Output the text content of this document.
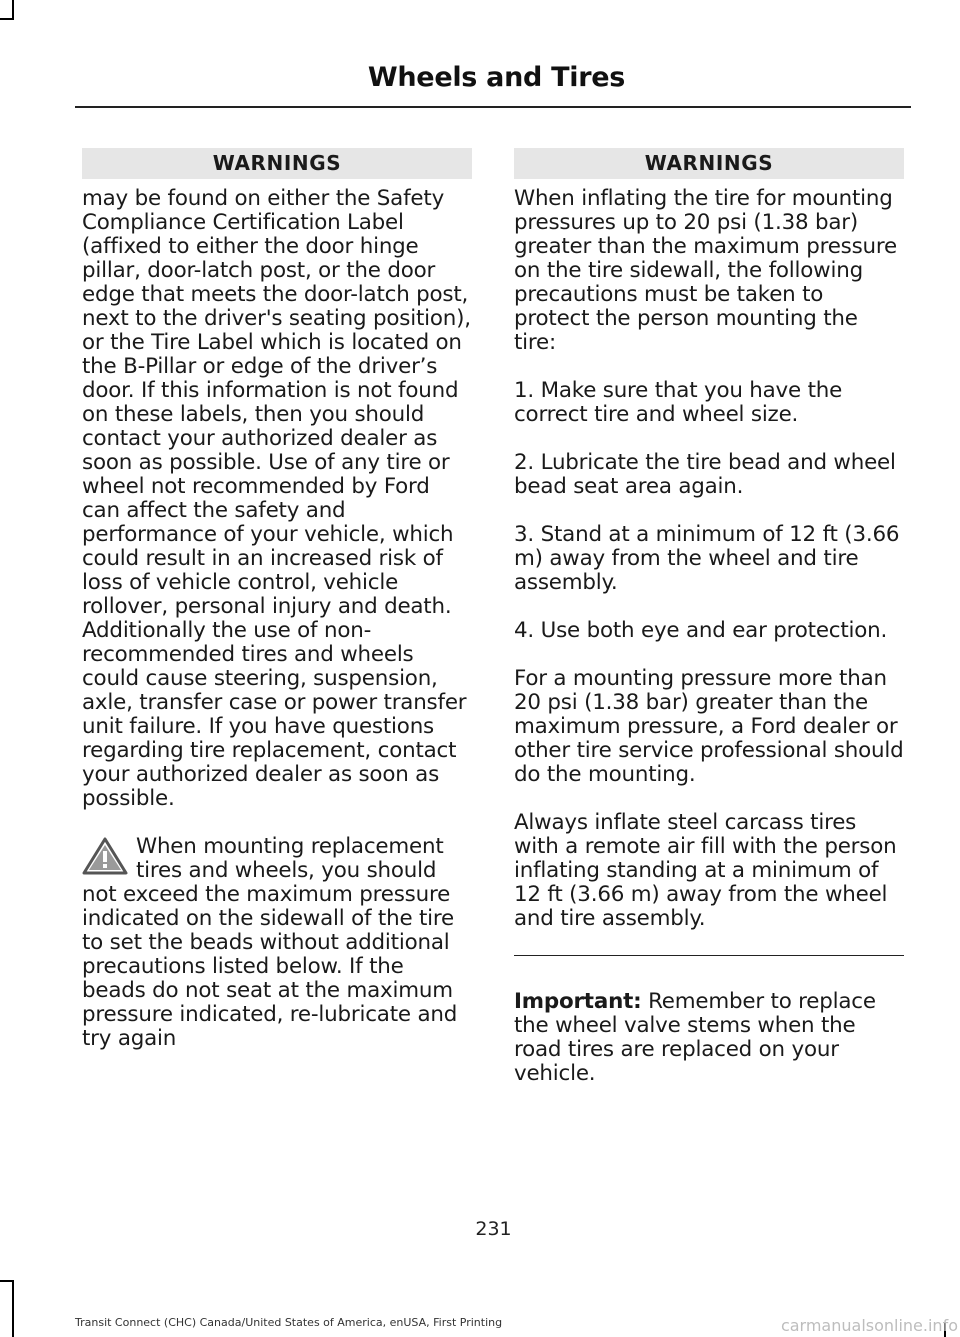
Wheels and Tires
WARNINGS

may be found on either the Safety Compliance Certification Label (affixed to either the door hinge pillar, door-latch post, or the door edge that meets the door-latch post, next to the driver's seating position), or the Tire Label which is located on the B-Pillar or edge of the driver’s door. If this information is not found on these labels, then you should contact your authorized dealer as soon as possible. Use of any tire or wheel not recommended by Ford can affect the safety and performance of your vehicle, which could result in an increased risk of loss of vehicle control, vehicle rollover, personal injury and death. Additionally the use of non-recommended tires and wheels could cause steering, suspension, axle, transfer case or power transfer unit failure. If you have questions regarding tire replacement, contact your authorized dealer as soon as possible.

When mounting replacement tires and wheels, you should not exceed the maximum pressure indicated on the sidewall of the tire to set the beads without additional precautions listed below. If the beads do not seat at the maximum pressure indicated, re-lubricate and try again

WARNINGS

When inflating the tire for mounting pressures up to 20 psi (1.38 bar) greater than the maximum pressure on the tire sidewall, the following precautions must be taken to protect the person mounting the tire:

1. Make sure that you have the correct tire and wheel size.

2. Lubricate the tire bead and wheel bead seat area again.

3. Stand at a minimum of 12 ft (3.66 m) away from the wheel and tire assembly.

4. Use both eye and ear protection.

For a mounting pressure more than 20 psi (1.38 bar) greater than the maximum pressure, a Ford dealer or other tire service professional should do the mounting.

Always inflate steel carcass tires with a remote air fill with the person inflating standing at a minimum of 12 ft (3.66 m) away from the wheel and tire assembly.

Important: Remember to replace the wheel valve stems when the road tires are replaced on your vehicle.

231
Transit Connect (CHC) Canada/United States of America, enUSA, First Printing	carmanualsonline.info
